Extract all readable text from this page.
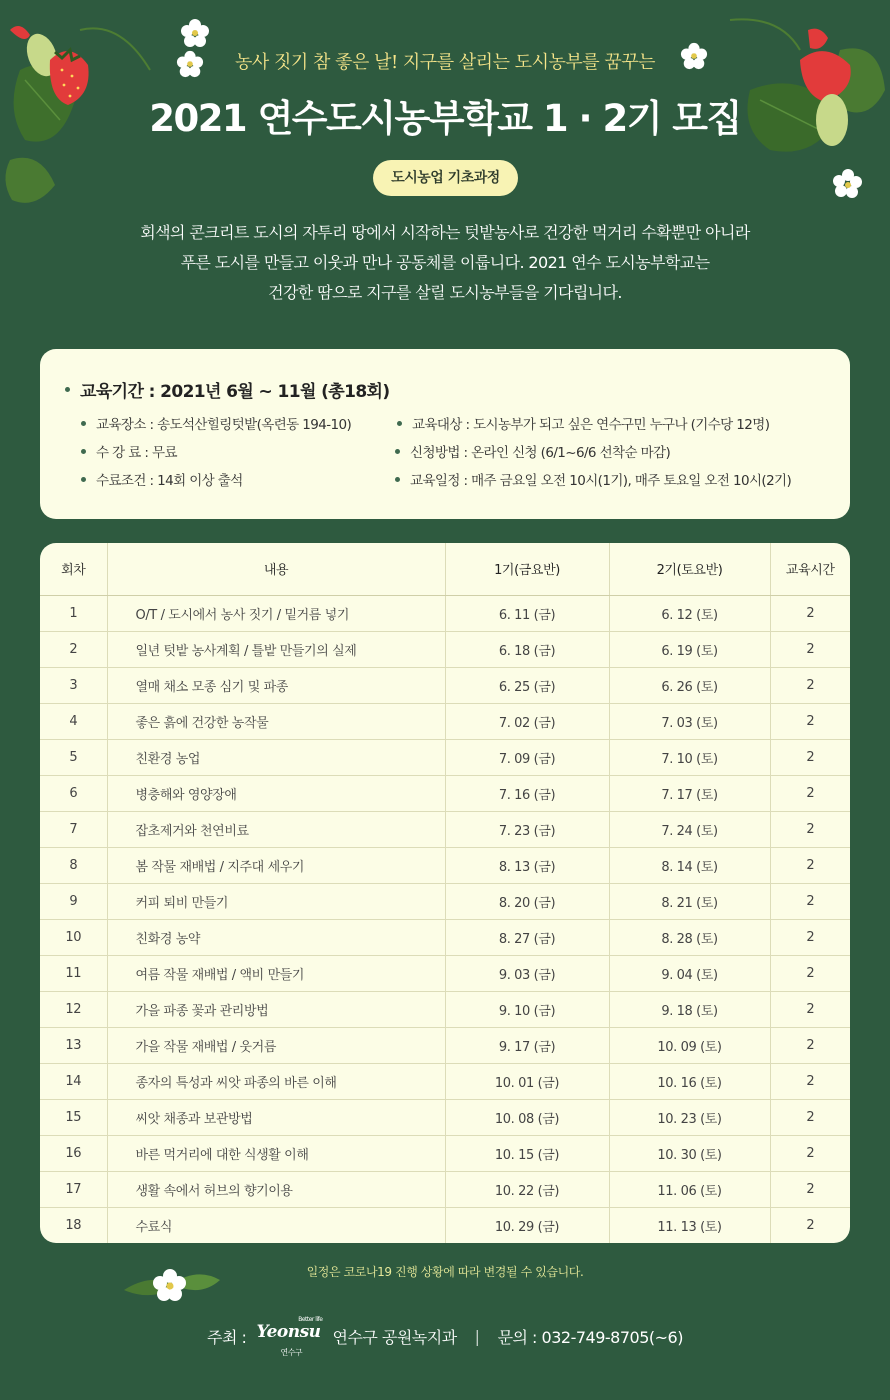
농사 짓기 참 좋은 날! 지구를 살리는 도시농부를 꿈꾸는
2021 연수도시농부학교 1 · 2기 모집
도시농업 기초과정
회색의 콘크리트 도시의 자투리 땅에서 시작하는 텃밭농사로 건강한 먹거리 수확뿐만 아니라
푸른 도시를 만들고 이웃과 만나 공동체를 이룹니다. 2021 연수 도시농부학교는
건강한 땀으로 지구를 살릴 도시농부들을 기다립니다.
교육기간 : 2021년 6월 ~ 11월 (총18회)
교육장소 : 송도석산힐링텃밭(옥련동 194-10)
수 강 료 : 무료
수료조건 : 14회 이상 출석
교육대상 : 도시농부가 되고 싶은 연수구민 누구나 (기수당 12명)
신청방법 : 온라인 신청 (6/1~6/6 선착순 마감)
교육일정 : 매주 금요일 오전 10시(1기), 매주 토요일 오전 10시(2기)
회차	내용	1기(금요반)	2기(토요반)	교육시간
1	O/T / 도시에서 농사 짓기 / 밑거름 넣기	6. 11 (금)	6. 12 (토)	2
2	일년 텃밭 농사계획 / 틀밭 만들기의 실제	6. 18 (금)	6. 19 (토)	2
3	열매 채소 모종 심기 및 파종	6. 25 (금)	6. 26 (토)	2
4	좋은 흙에 건강한 농작물	7. 02 (금)	7. 03 (토)	2
5	친환경 농업	7. 09 (금)	7. 10 (토)	2
6	병충해와 영양장애	7. 16 (금)	7. 17 (토)	2
7	잡초제거와 천연비료	7. 23 (금)	7. 24 (토)	2
8	봄 작물 재배법 / 지주대 세우기	8. 13 (금)	8. 14 (토)	2
9	커피 퇴비 만들기	8. 20 (금)	8. 21 (토)	2
10	친화경 농약	8. 27 (금)	8. 28 (토)	2
11	여름 작물 재배법 / 액비 만들기	9. 03 (금)	9. 04 (토)	2
12	가을 파종 꽃과 관리방법	9. 10 (금)	9. 18 (토)	2
13	가을 작물 재배법 / 웃거름	9. 17 (금)	10. 09 (토)	2
14	종자의 특성과 씨앗 파종의 바른 이해	10. 01 (금)	10. 16 (토)	2
15	씨앗 채종과 보관방법	10. 08 (금)	10. 23 (토)	2
16	바른 먹거리에 대한 식생활 이해	10. 15 (금)	10. 30 (토)	2
17	생활 속에서 허브의 향기이용	10. 22 (금)	11. 06 (토)	2
18	수료식	10. 29 (금)	11. 13 (토)	2
일정은 코로나19 진행 상황에 따라 변경될 수 있습니다.
주최 :
Better life
Yeonsu
연수구
연수구 공원녹지과 | 문의 : 032-749-8705(~6)
